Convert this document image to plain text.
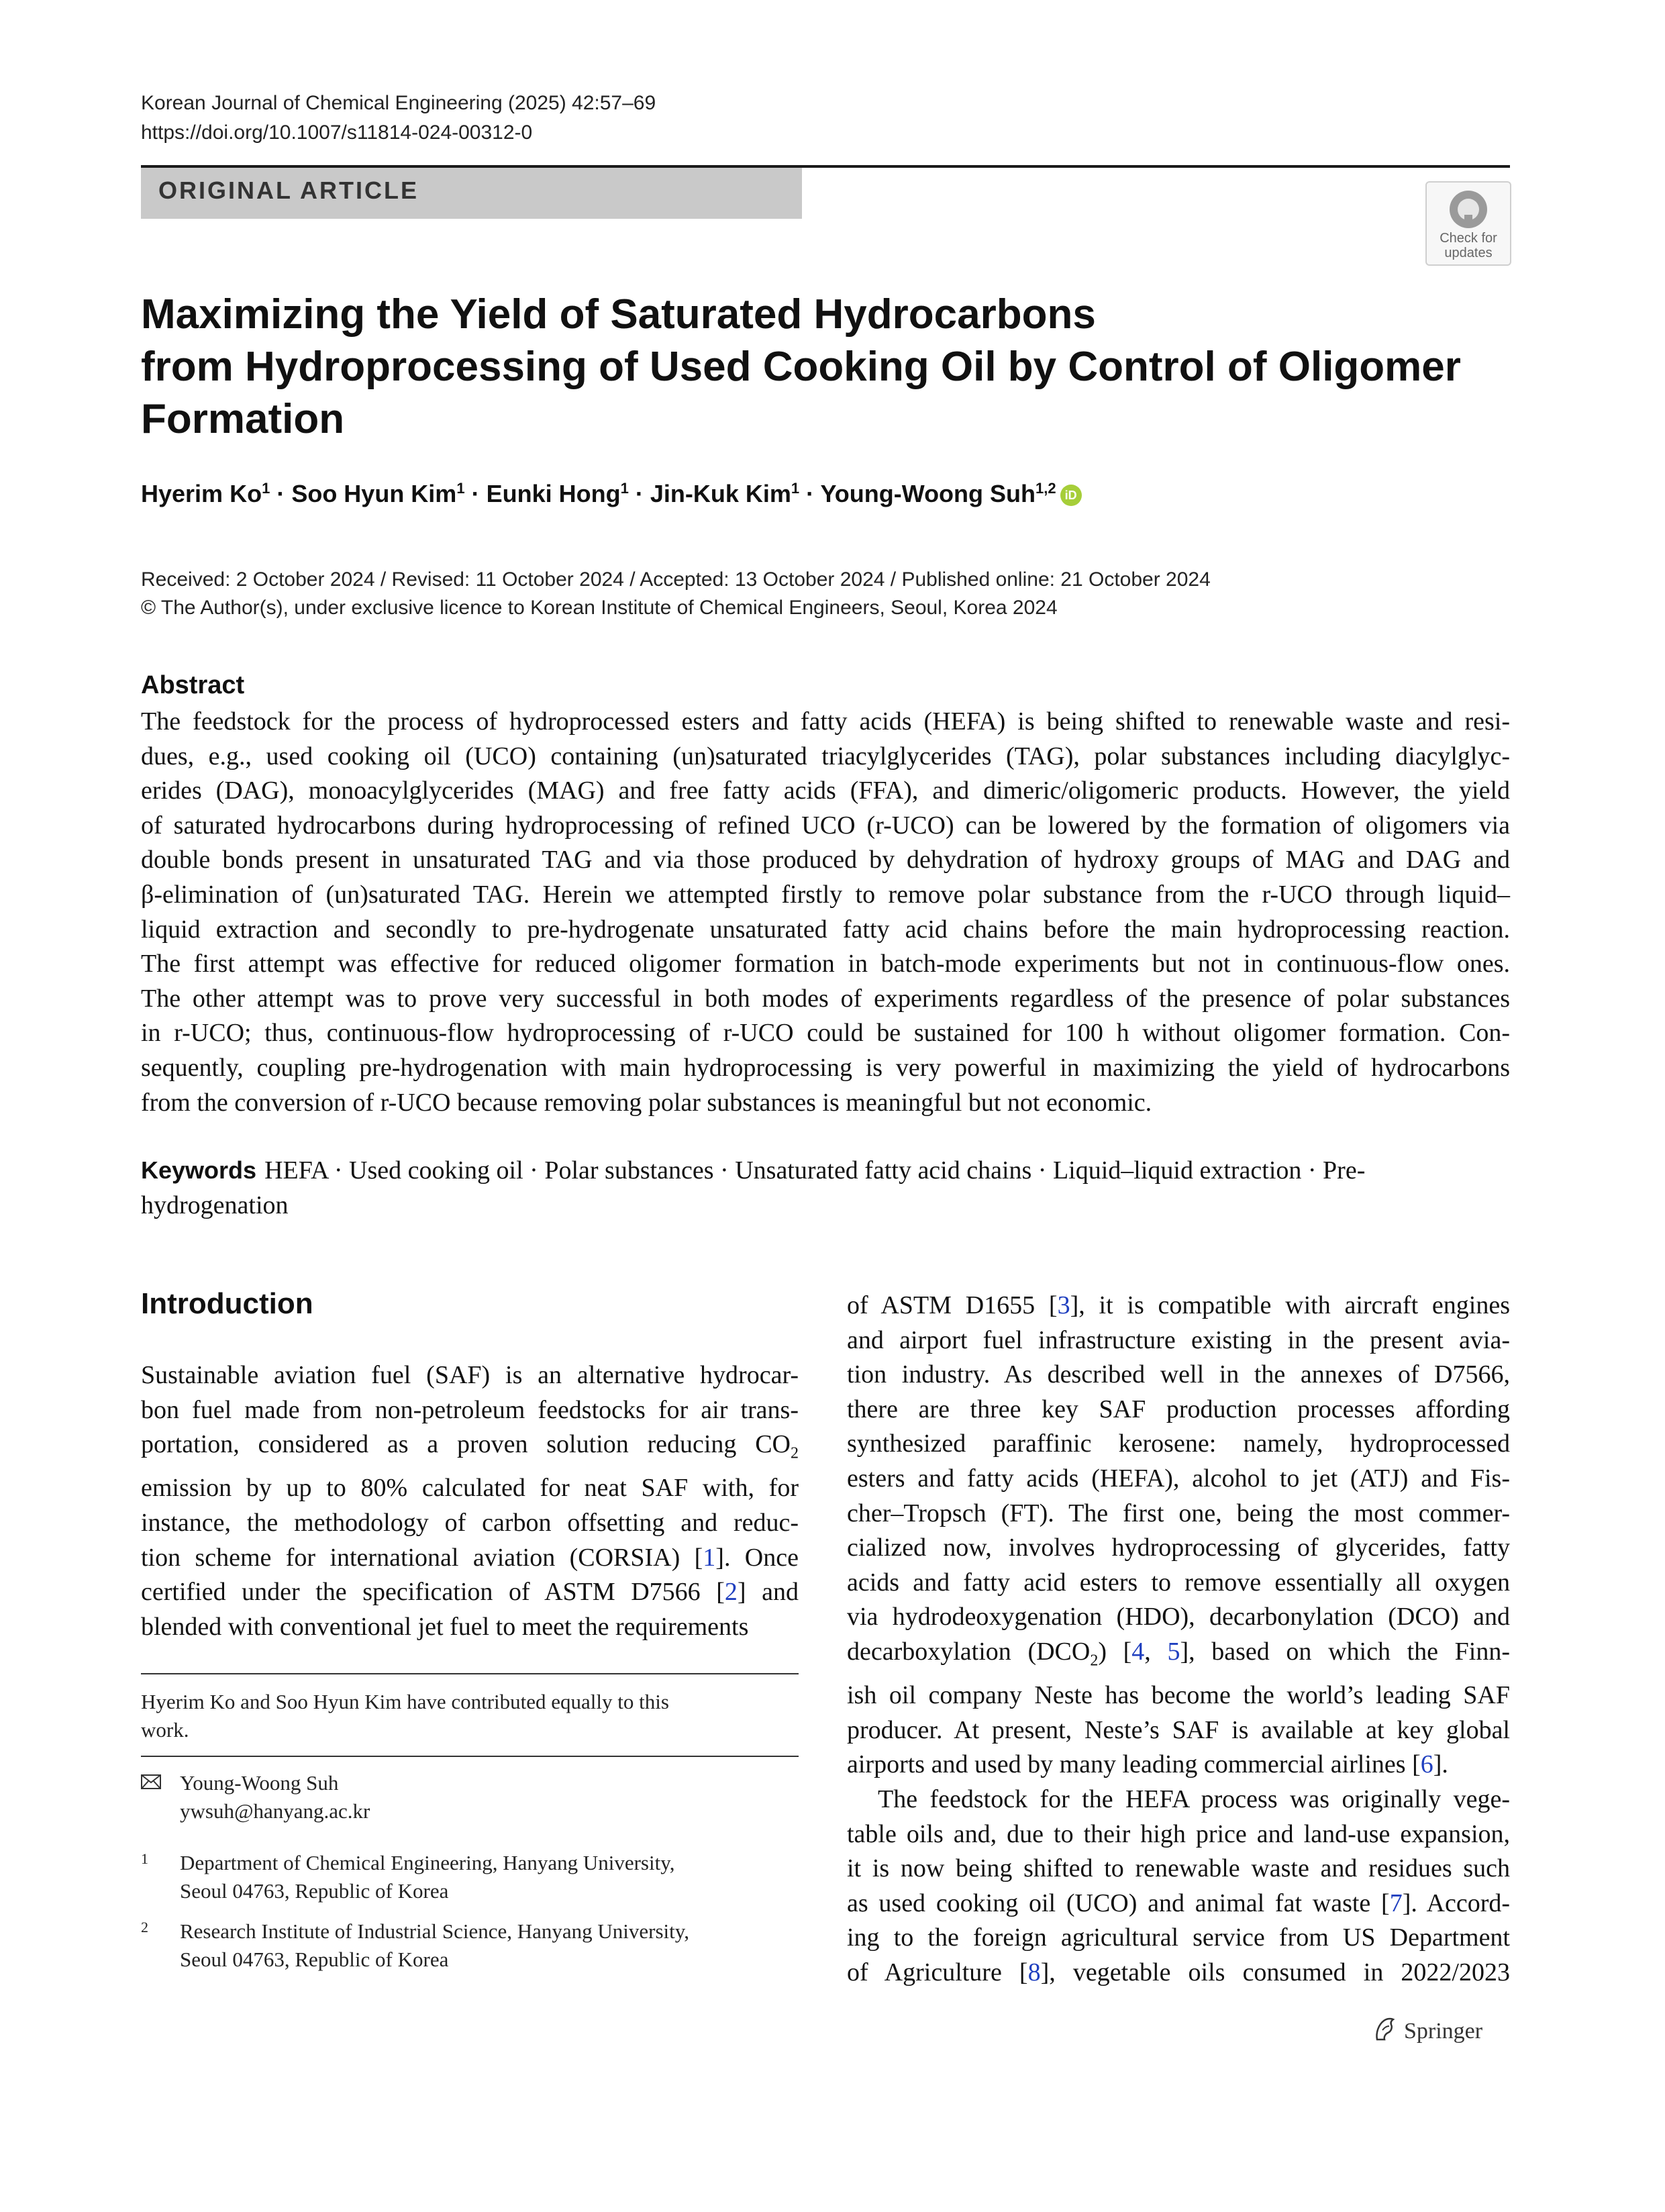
Korean Journal of Chemical Engineering (2025) 42:57–69
https://doi.org/10.1007/s11814-024-00312-0
ORIGINAL ARTICLE
Check for
updates
Maximizing the Yield of Saturated Hydrocarbons
from Hydroprocessing of Used Cooking Oil by Control of Oligomer
Formation
Hyerim $Ko^1$ · Soo Hyun Kim$^1$ · Eunki Hong$^1$ · Jin-Kuk Kim$^1$ · Young-Woong Suh$^{1,2}$ iD
Received: 2 October 2024 / Revised: 11 October 2024 / Accepted: 13 October 2024 / Published online: 21 October 2024
© The Author(s), under exclusive licence to Korean Institute of Chemical Engineers, Seoul, Korea 2024
Abstract
The feedstock for the process of hydroprocessed esters and fatty acids (HEFA) is being shifted to renewable waste and resi-
dues, e.g., used cooking oil (UCO) containing (un)saturated triacylglycerides (TAG), polar substances including diacylglyc-
erides (DAG), monoacylglycerides (MAG) and free fatty acids (FFA), and dimeric/oligomeric products. However, the yield
of saturated hydrocarbons during hydroprocessing of refined UCO (r-UCO) can be lowered by the formation of oligomers via
double bonds present in unsaturated TAG and via those produced by dehydration of hydroxy groups of MAG and DAG and
β-elimination of (un)saturated TAG. Herein we attempted firstly to remove polar substance from the r-UCO through liquid–
liquid extraction and secondly to pre-hydrogenate unsaturated fatty acid chains before the main hydroprocessing reaction.
The first attempt was effective for reduced oligomer formation in batch-mode experiments but not in continuous-flow ones.
The other attempt was to prove very successful in both modes of experiments regardless of the presence of polar substances
in r-UCO; thus, continuous-flow hydroprocessing of r-UCO could be sustained for 100 h without oligomer formation. Con-
sequently, coupling pre-hydrogenation with main hydroprocessing is very powerful in maximizing the yield of hydrocarbons
from the conversion of r-UCO because removing polar substances is meaningful but not economic.
Keywords HEFA · Used cooking oil · Polar substances · Unsaturated fatty acid chains · Liquid–liquid extraction · Pre-
hydrogenation
Introduction
Sustainable aviation fuel (SAF) is an alternative hydrocar-
bon fuel made from non-petroleum feedstocks for air trans-
portation, considered as a proven solution reducing $CO_2$
emission by up to 80% calculated for neat SAF with, for
instance, the methodology of carbon offsetting and reduc-
tion scheme for international aviation (CORSIA) [1]. Once
certified under the specification of ASTM D7566 [2] and
blended with conventional jet fuel to meet the requirements
of ASTM D1655 [3], it is compatible with aircraft engines
and airport fuel infrastructure existing in the present avia-
tion industry. As described well in the annexes of D7566,
there are three key SAF production processes affording
synthesized paraffinic kerosene: namely, hydroprocessed
esters and fatty acids (HEFA), alcohol to jet (ATJ) and Fis-
cher–Tropsch (FT). The first one, being the most commer-
cialized now, involves hydroprocessing of glycerides, fatty
acids and fatty acid esters to remove essentially all oxygen
via hydrodeoxygenation (HDO), decarbonylation (DCO) and
decarboxylation $(DCO_2)$ [4, 5], based on which the Finn-
ish oil company Neste has become the world’s leading SAF
producer. At present, Neste’s SAF is available at key global
airports and used by many leading commercial airlines [6].
The feedstock for the HEFA process was originally vege-
table oils and, due to their high price and land-use expansion,
it is now being shifted to renewable waste and residues such
as used cooking oil (UCO) and animal fat waste [7]. Accord-
ing to the foreign agricultural service from US Department
of Agriculture [8], vegetable oils consumed in 2022/2023
Hyerim Ko and Soo Hyun Kim have contributed equally to this
work.
Young-Woong Suh
ywsuh@hanyang.ac.kr
1 Department of Chemical Engineering, Hanyang University,
Seoul 04763, Republic of Korea
2 Research Institute of Industrial Science, Hanyang University,
Seoul 04763, Republic of Korea
Springer
